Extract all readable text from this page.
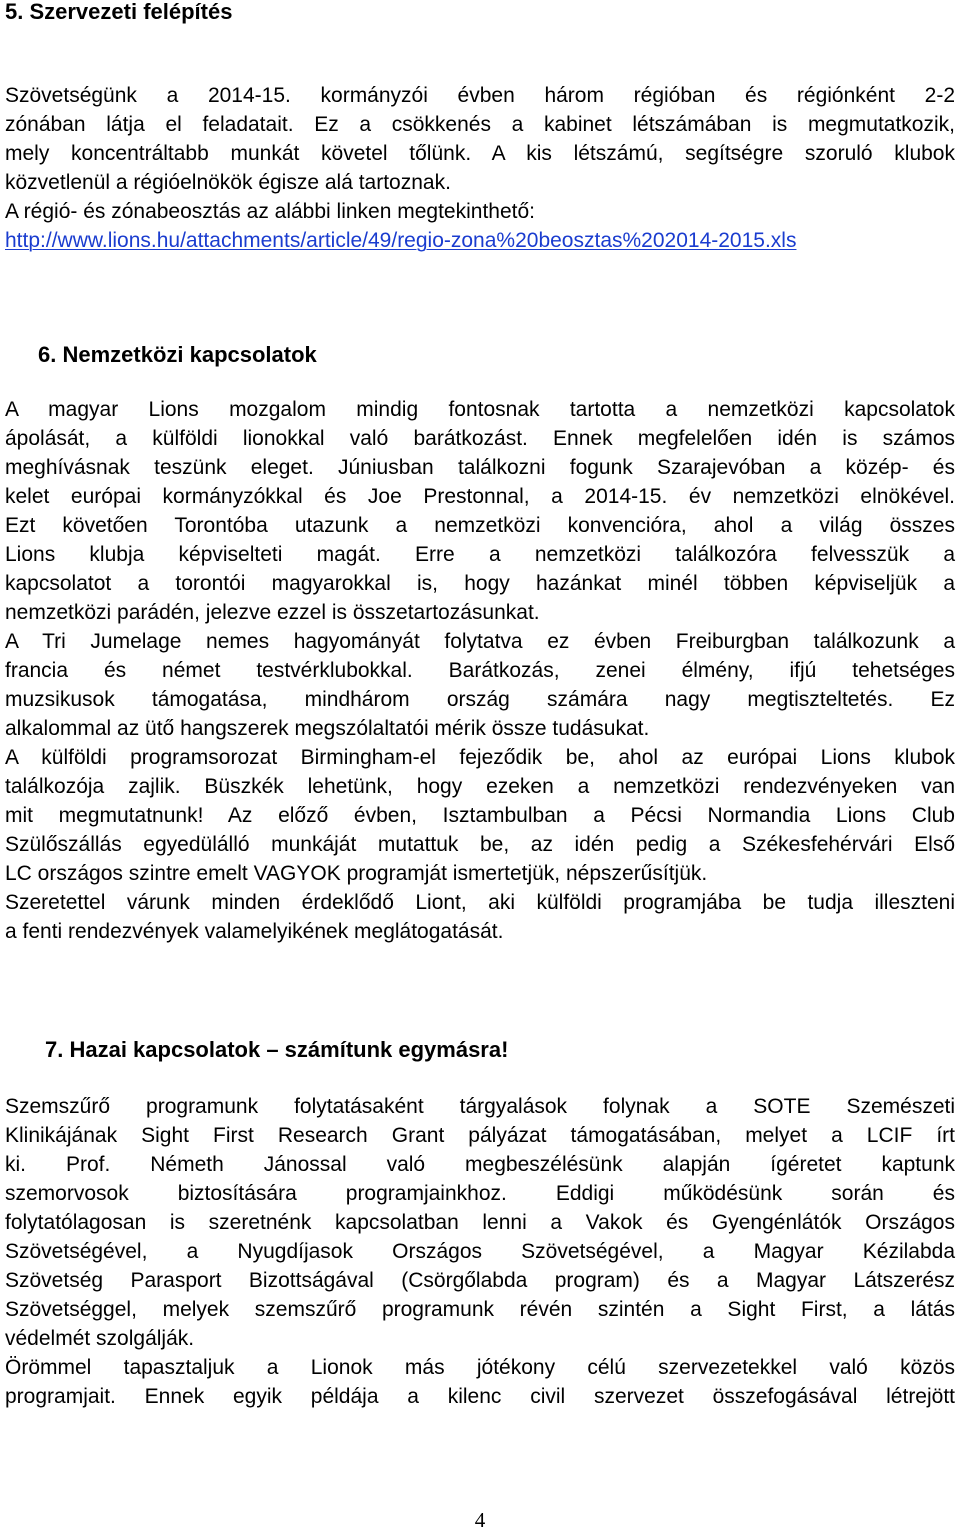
5. Szervezeti felépítés
Szövetségünk a 2014-15. kormányzói évben három régióban és régiónként 2-2
zónában látja el feladatait. Ez a csökkenés a kabinet létszámában is megmutatkozik,
mely koncentráltabb munkát követel tőlünk. A kis létszámú, segítségre szoruló klubok
közvetlenül a régióelnökök égisze alá tartoznak.
A régió- és zónabeosztás az alábbi linken megtekinthető:
http://www.lions.hu/attachments/article/49/regio-zona%20beosztas%202014-2015.xls
6. Nemzetközi kapcsolatok
A magyar Lions mozgalom mindig fontosnak tartotta a nemzetközi kapcsolatok
ápolását, a külföldi lionokkal való barátkozást. Ennek megfelelően idén is számos
meghívásnak teszünk eleget. Júniusban találkozni fogunk Szarajevóban a közép- és
kelet európai kormányzókkal és Joe Prestonnal, a 2014-15. év nemzetközi elnökével.
Ezt követően Torontóba utazunk a nemzetközi konvencióra, ahol a világ összes
Lions klubja képviselteti magát. Erre a nemzetközi találkozóra felvesszük a
kapcsolatot a torontói magyarokkal is, hogy hazánkat minél többen képviseljük a
nemzetközi parádén, jelezve ezzel is összetartozásunkat.
A Tri Jumelage nemes hagyományát folytatva ez évben Freiburgban találkozunk a
francia és német testvérklubokkal. Barátkozás, zenei élmény, ifjú tehetséges
muzsikusok támogatása, mindhárom ország számára nagy megtiszteltetés. Ez
alkalommal az ütő hangszerek megszólaltatói mérik össze tudásukat.
A külföldi programsorozat Birmingham-el fejeződik be, ahol az európai Lions klubok
találkozója zajlik. Büszkék lehetünk, hogy ezeken a nemzetközi rendezvényeken van
mit megmutatnunk! Az előző évben, Isztambulban a Pécsi Normandia Lions Club
Szülőszállás egyedülálló munkáját mutattuk be, az idén pedig a Székesfehérvári Első
LC országos szintre emelt VAGYOK programját ismertetjük, népszerűsítjük.
Szeretettel várunk minden érdeklődő Liont, aki külföldi programjába be tudja illeszteni
a fenti rendezvények valamelyikének meglátogatását.
7. Hazai kapcsolatok – számítunk egymásra!
Szemszűrő programunk folytatásaként tárgyalások folynak a SOTE Szemészeti
Klinikájának Sight First Research Grant pályázat támogatásában, melyet a LCIF írt
ki. Prof. Németh Jánossal való megbeszélésünk alapján ígéretet kaptunk
szemorvosok biztosítására programjainkhoz. Eddigi működésünk során és
folytatólagosan is szeretnénk kapcsolatban lenni a Vakok és Gyengénlátók Országos
Szövetségével, a Nyugdíjasok Országos Szövetségével, a Magyar Kézilabda
Szövetség Parasport Bizottságával (Csörgőlabda program) és a Magyar Látszerész
Szövetséggel, melyek szemszűrő programunk révén szintén a Sight First, a látás
védelmét szolgálják.
Örömmel tapasztaljuk a Lionok más jótékony célú szervezetekkel való közös
programjait. Ennek egyik példája a kilenc civil szervezet összefogásával létrejött
4
